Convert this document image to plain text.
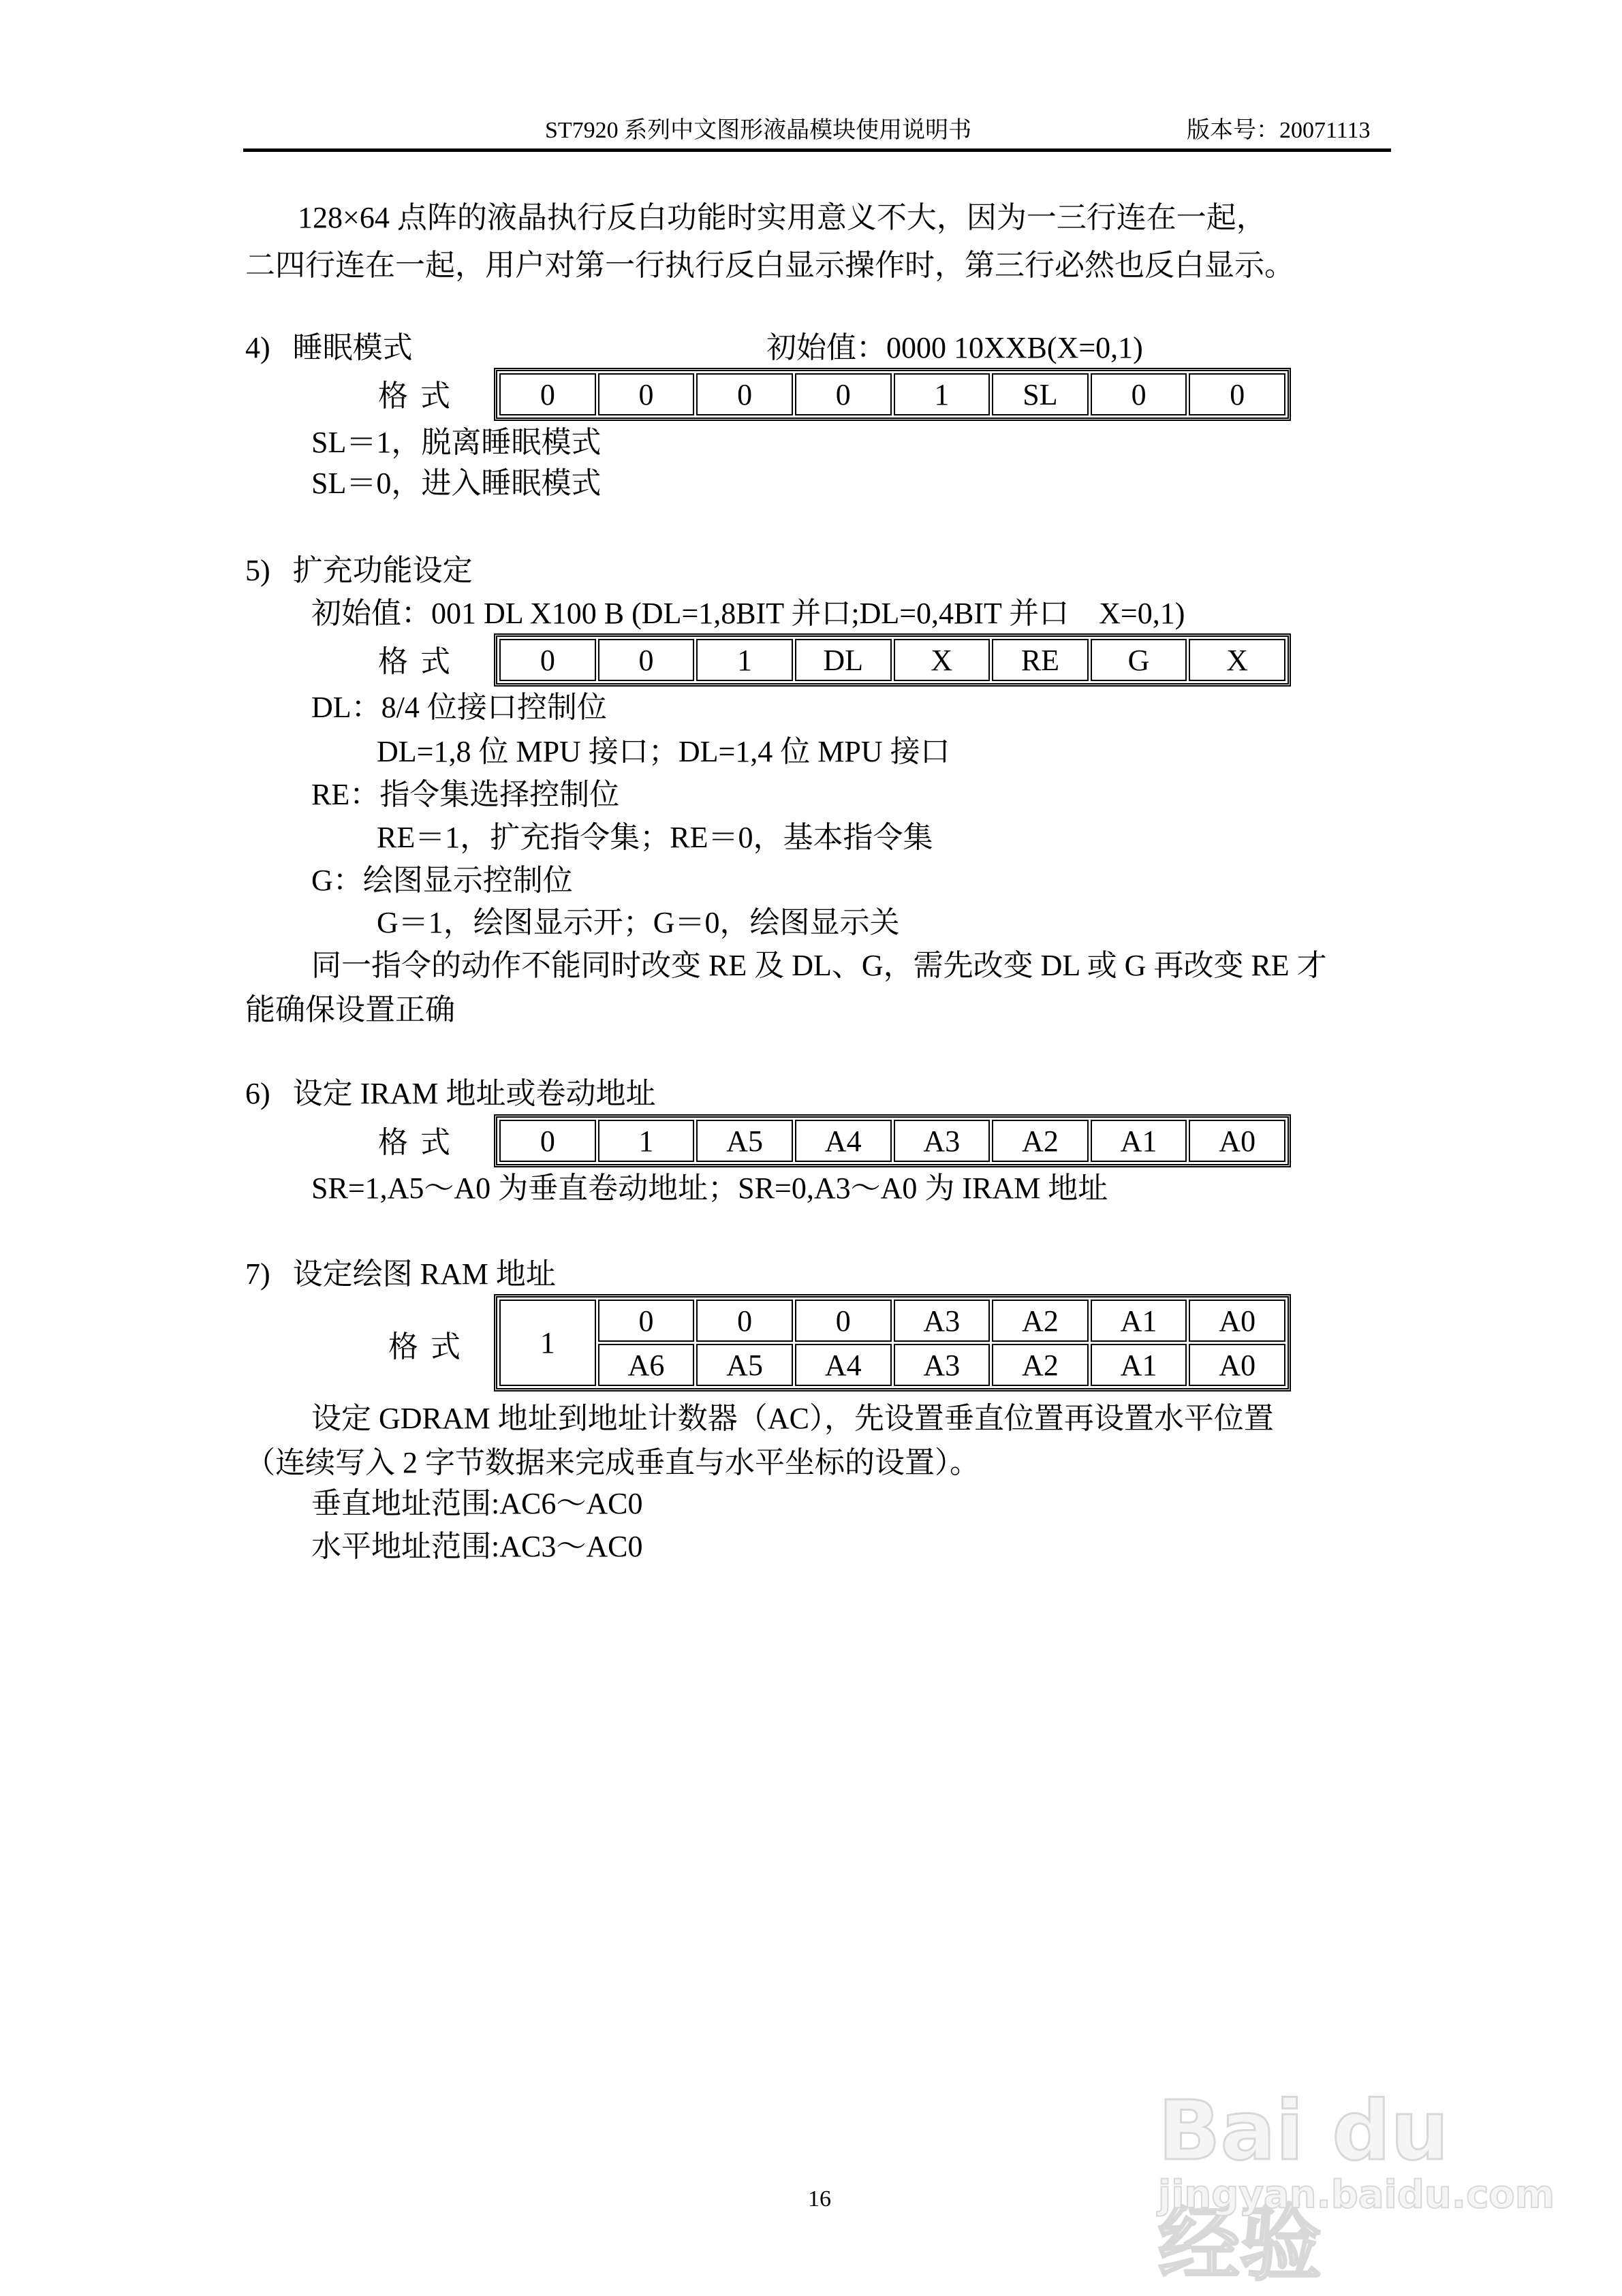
ST7920 系列中文图形液晶模块使用说明书	版本号：20071113
128×64 点阵的液晶执行反白功能时实用意义不大，因为一三行连在一起，
二四行连在一起，用户对第一行执行反白显示操作时，第三行必然也反白显示。
4)   睡眠模式	初始值：0000 10XXB(X=0,1)
格式	0	0	0	0	1	SL	0	0
SL＝1，脱离睡眠模式
SL＝0，进入睡眠模式
5)   扩充功能设定
初始值：001 DL X100 B (DL=1,8BIT 并口;DL=0,4BIT 并口    X=0,1)
格式	0	0	1	DL	X	RE	G	X
DL：8/4 位接口控制位
DL=1,8 位 MPU 接口；DL=1,4 位 MPU 接口
RE：指令集选择控制位
RE＝1，扩充指令集；RE＝0，基本指令集
G：绘图显示控制位
G＝1，绘图显示开；G＝0，绘图显示关
同一指令的动作不能同时改变 RE 及 DL、G，需先改变 DL 或 G 再改变 RE 才
能确保设置正确
6)   设定 IRAM 地址或卷动地址
格式	0	1	A5	A4	A3	A2	A1	A0
SR=1,A5～A0 为垂直卷动地址；SR=0,A3～A0 为 IRAM 地址
7)   设定绘图 RAM 地址
格式 1	0	0	0	A3	A2	A1	A0
	A6	A5	A4	A3	A2	A1	A0
设定 GDRAM 地址到地址计数器（AC），先设置垂直位置再设置水平位置
（连续写入 2 字节数据来完成垂直与水平坐标的设置）。
垂直地址范围:AC6～AC0
水平地址范围:AC3～AC0
16
Bai du 经验
jingyan.baidu.com
